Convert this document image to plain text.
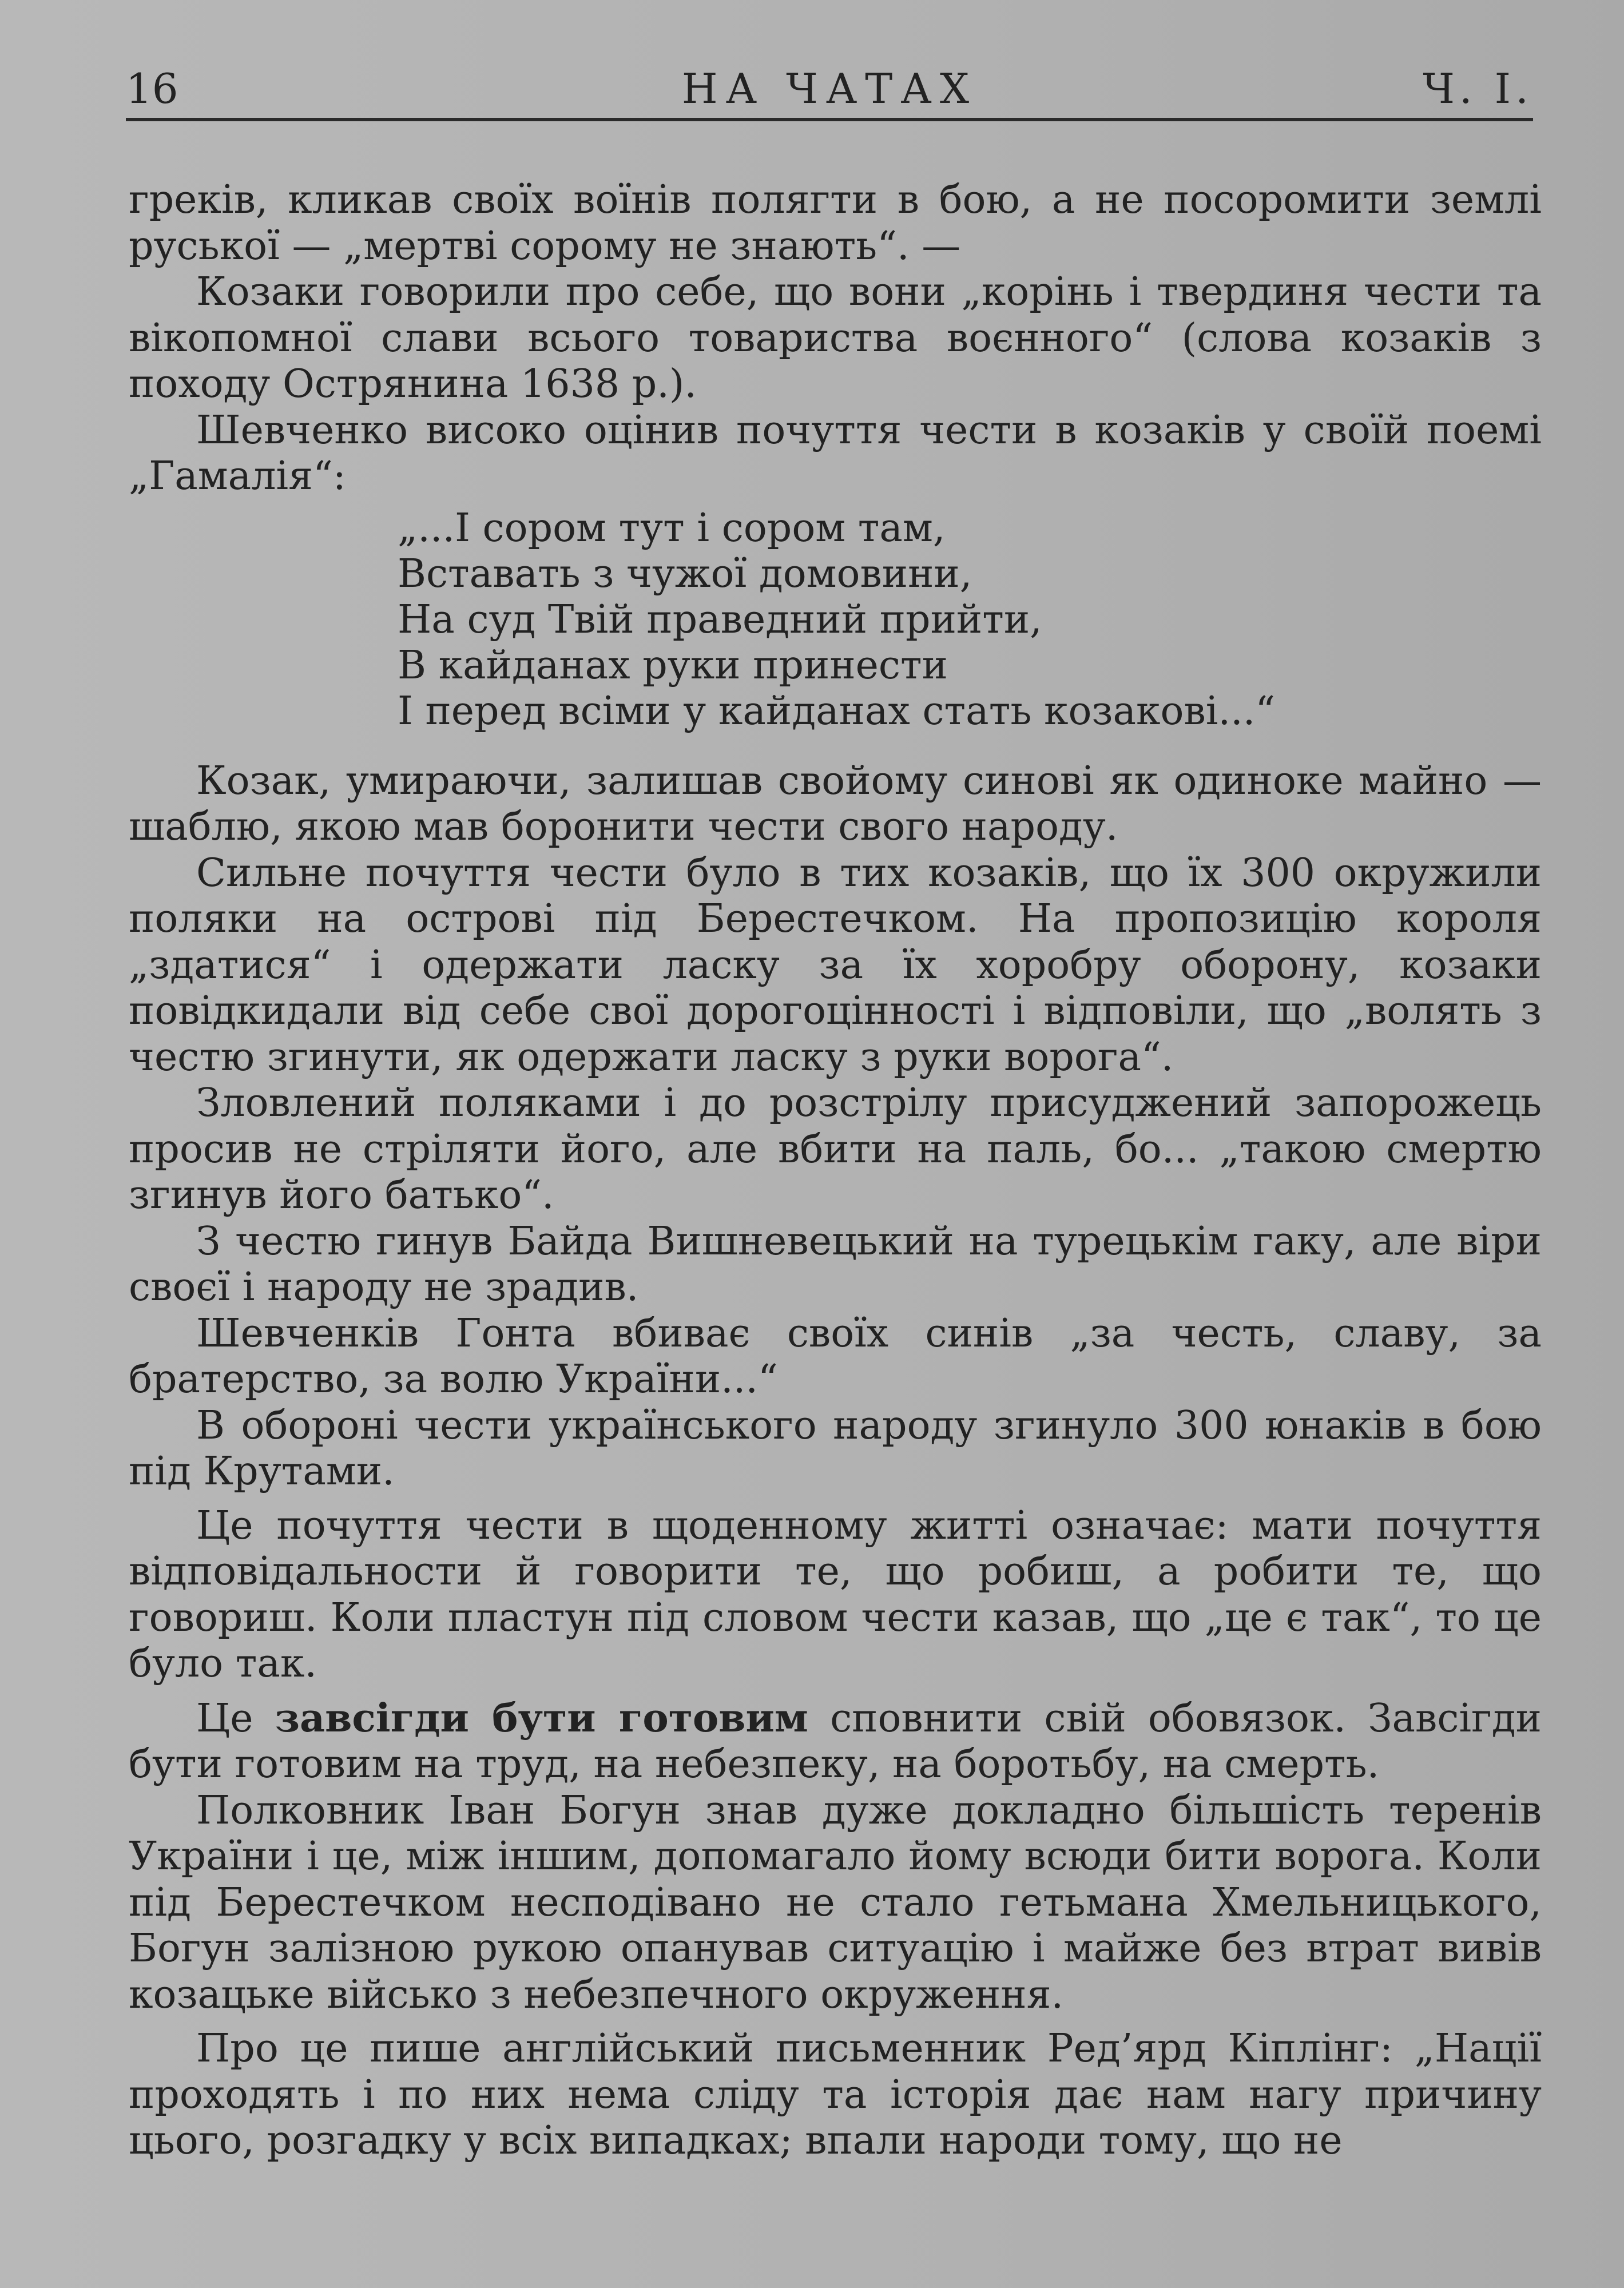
16	НА ЧАТАХ	Ч. І.

греків, кликав своїх воїнів полягти в бою, а не посоромити землі руської — „мертві сорому не знають“. —

Козаки говорили про себе, що вони „корінь і твердиня чести та вікопомної слави всього товариства воєнного“ (слова козаків з походу Острянина 1638 р.).

Шевченко високо оцінив почуття чести в козаків у своїй поемі „Гамалія“:

„...І сором тут і сором там,
Вставать з чужої домовини,
На суд Твій праведний прийти,
В кайданах руки принести
І перед всіми у кайданах стать козакові...“

Козак, умираючи, залишав свойому синові як одиноке майно — шаблю, якою мав боронити чести свого народу.

Сильне почуття чести було в тих козаків, що їх 300 окружили поляки на острові під Берестечком. На пропозицію короля „здатися“ і одержати ласку за їх хоробру оборону, козаки повідкидали від себе свої дорогоцінності і відповіли, що „волять з честю згинути, як одержати ласку з руки ворога“.

Зловлений поляками і до розстрілу присуджений запорожець просив не стріляти його, але вбити на паль, бо... „такою смертю згинув його батько“.

З честю гинув Байда Вишневецький на турецькім гаку, але віри своєї і народу не зрадив.

Шевченків Гонта вбиває своїх синів „за честь, славу, за братерство, за волю України...“

В обороні чести українського народу згинуло 300 юнаків в бою під Крутами.

Це почуття чести в щоденному житті означає: мати почуття відповідальности й говорити те, що робиш, а робити те, що говориш. Коли пластун під словом чести казав, що „це є так“, то це було так.

Це завсігди бути готовим сповнити свій обовязок. Завсігди бути готовим на труд, на небезпеку, на боротьбу, на смерть.

Полковник Іван Богун знав дуже докладно більшість теренів України і це, між іншим, допомагало йому всюди бити ворога. Коли під Берестечком несподівано не стало гетьмана Хмельницького, Богун залізною рукою опанував ситуацію і майже без втрат вивів козацьке військо з небезпечного окруження.

Про це пише англійський письменник Ред’ярд Кіплінг: „Нації проходять і по них нема сліду та історія дає нам нагу причину цього, розгадку у всіх випадках; впали народи тому, що не
